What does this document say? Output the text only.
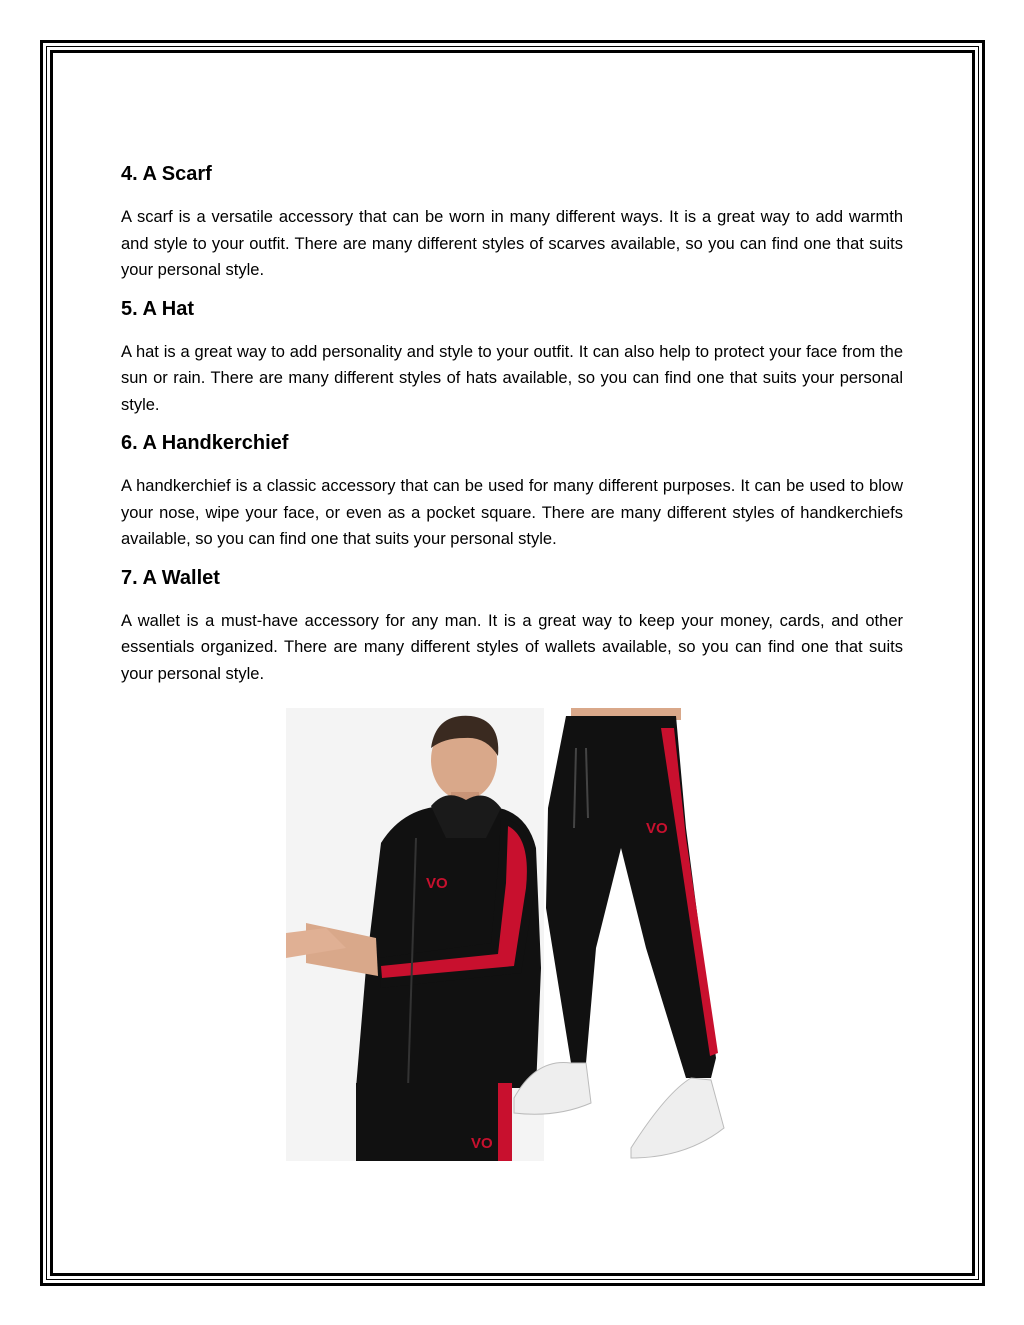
4. A Scarf

A scarf is a versatile accessory that can be worn in many different ways. It is a great way to add warmth and style to your outfit. There are many different styles of scarves available, so you can find one that suits your personal style.

5. A Hat

A hat is a great way to add personality and style to your outfit. It can also help to protect your face from the sun or rain. There are many different styles of hats available, so you can find one that suits your personal style.

6. A Handkerchief

A handkerchief is a classic accessory that can be used for many different purposes. It can be used to blow your nose, wipe your face, or even as a pocket square. There are many different styles of handkerchiefs available, so you can find one that suits your personal style.

7. A Wallet

A wallet is a must-have accessory for any man. It is a great way to keep your money, cards, and other essentials organized. There are many different styles of wallets available, so you can find one that suits your personal style.

VO
VO
VO
